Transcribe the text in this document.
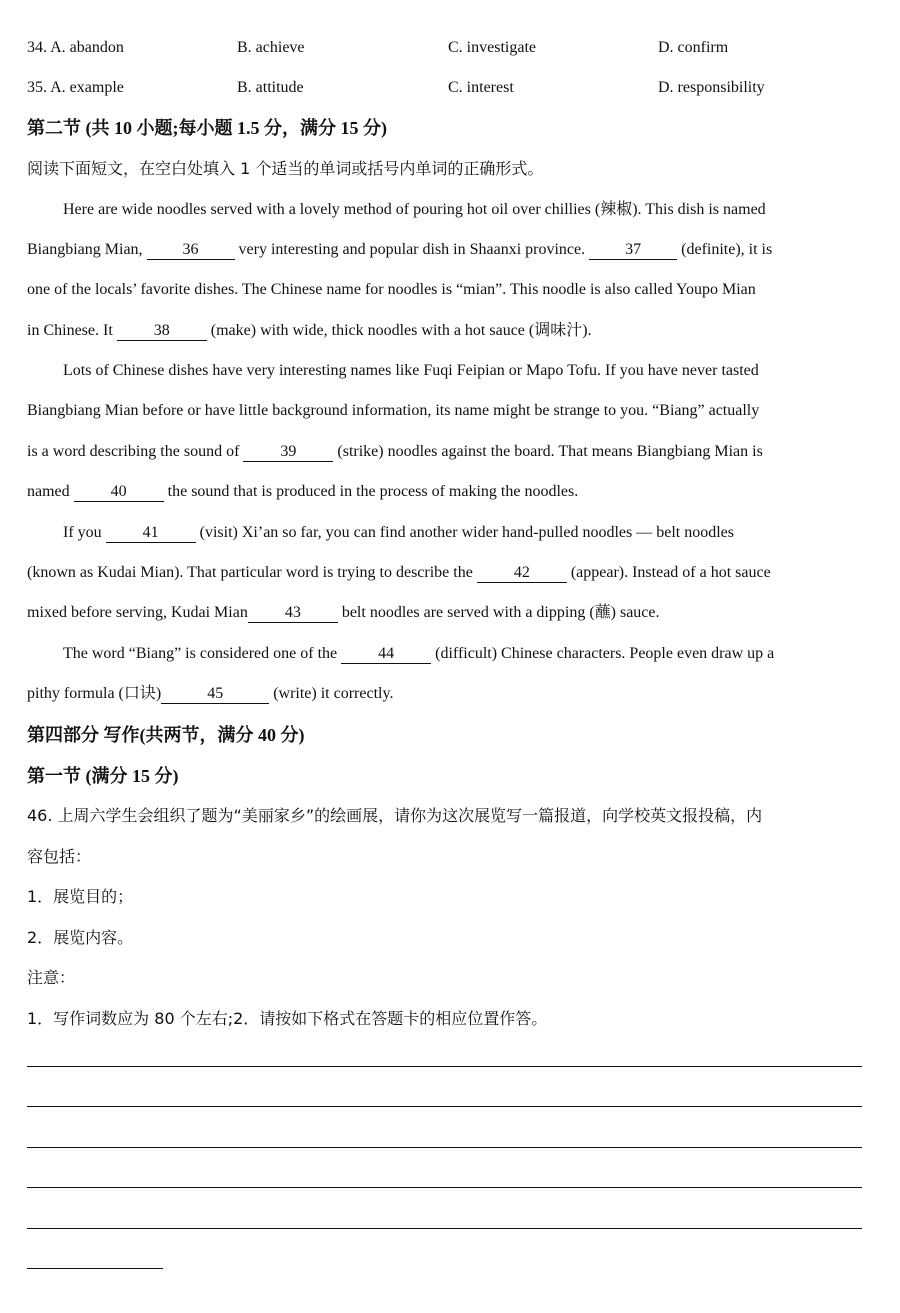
34. A. abandon	B. achieve	C. investigate	D. confirm
35. A. example	B. attitude	C. interest	D. responsibility
第二节 (共 10 小题;每小题 1.5 分，满分 15 分)
阅读下面短文，在空白处填入 1 个适当的单词或括号内单词的正确形式。
Here are wide noodles served with a lovely method of pouring hot oil over chillies (辣椒). This dish is named
Biangbiang Mian, 36 very interesting and popular dish in Shaanxi province. 37 (definite), it is
one of the locals’ favorite dishes. The Chinese name for noodles is “mian”. This noodle is also called Youpo Mian
in Chinese. It 38 (make) with wide, thick noodles with a hot sauce (调味汁).
Lots of Chinese dishes have very interesting names like Fuqi Feipian or Mapo Tofu. If you have never tasted
Biangbiang Mian before or have little background information, its name might be strange to you. “Biang” actually
is a word describing the sound of 39 (strike) noodles against the board. That means Biangbiang Mian is
named 40 the sound that is produced in the process of making the noodles.
If you 41 (visit) Xi’an so far, you can find another wider hand-pulled noodles — belt noodles
(known as Kudai Mian). That particular word is trying to describe the 42 (appear). Instead of a hot sauce
mixed before serving, Kudai Mian 43 belt noodles are served with a dipping (蘸) sauce.
The word “Biang” is considered one of the 44 (difficult) Chinese characters. People even draw up a
pithy formula (口诀)	45	(write) it correctly.
第四部分 写作(共两节，满分 40 分)
第一节 (满分 15 分)
46. 上周六学生会组织了题为“美丽家乡”的绘画展，请你为这次展览写一篇报道，向学校英文报投稿，内
容包括：
1．展览目的；
2．展览内容。
注意：
1．写作词数应为 80 个左右;2．请按如下格式在答题卡的相应位置作答。
